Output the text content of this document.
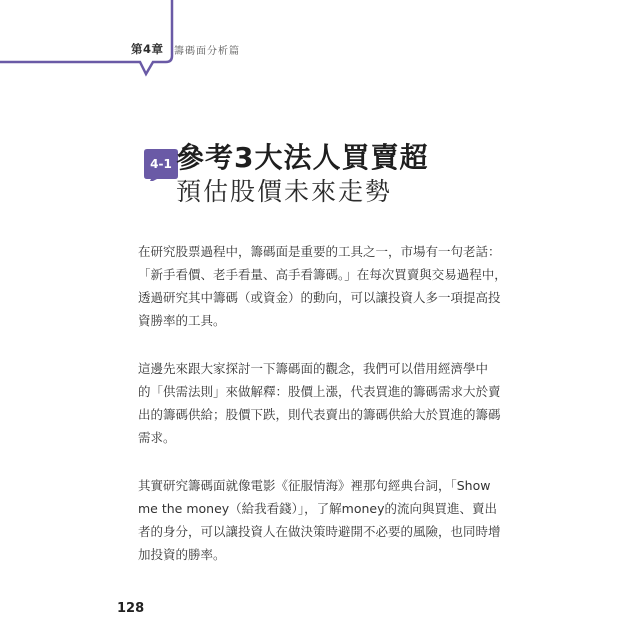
第4章 籌碼面分析篇
4-1 參考3大法人買賣超
預估股價未來走勢

在研究股票過程中，籌碼面是重要的工具之一，市場有一句老話：
「新手看價、老手看量、高手看籌碼。」在每次買賣與交易過程中，
透過研究其中籌碼（或資金）的動向，可以讓投資人多一項提高投
資勝率的工具。

這邊先來跟大家探討一下籌碼面的觀念，我們可以借用經濟學中
的「供需法則」來做解釋：股價上漲，代表買進的籌碼需求大於賣
出的籌碼供給；股價下跌，則代表賣出的籌碼供給大於買進的籌碼
需求。

其實研究籌碼面就像電影《征服情海》裡那句經典台詞，「Show
me the money（給我看錢）」，了解money的流向與買進、賣出
者的身分，可以讓投資人在做決策時避開不必要的風險，也同時增
加投資的勝率。

128
